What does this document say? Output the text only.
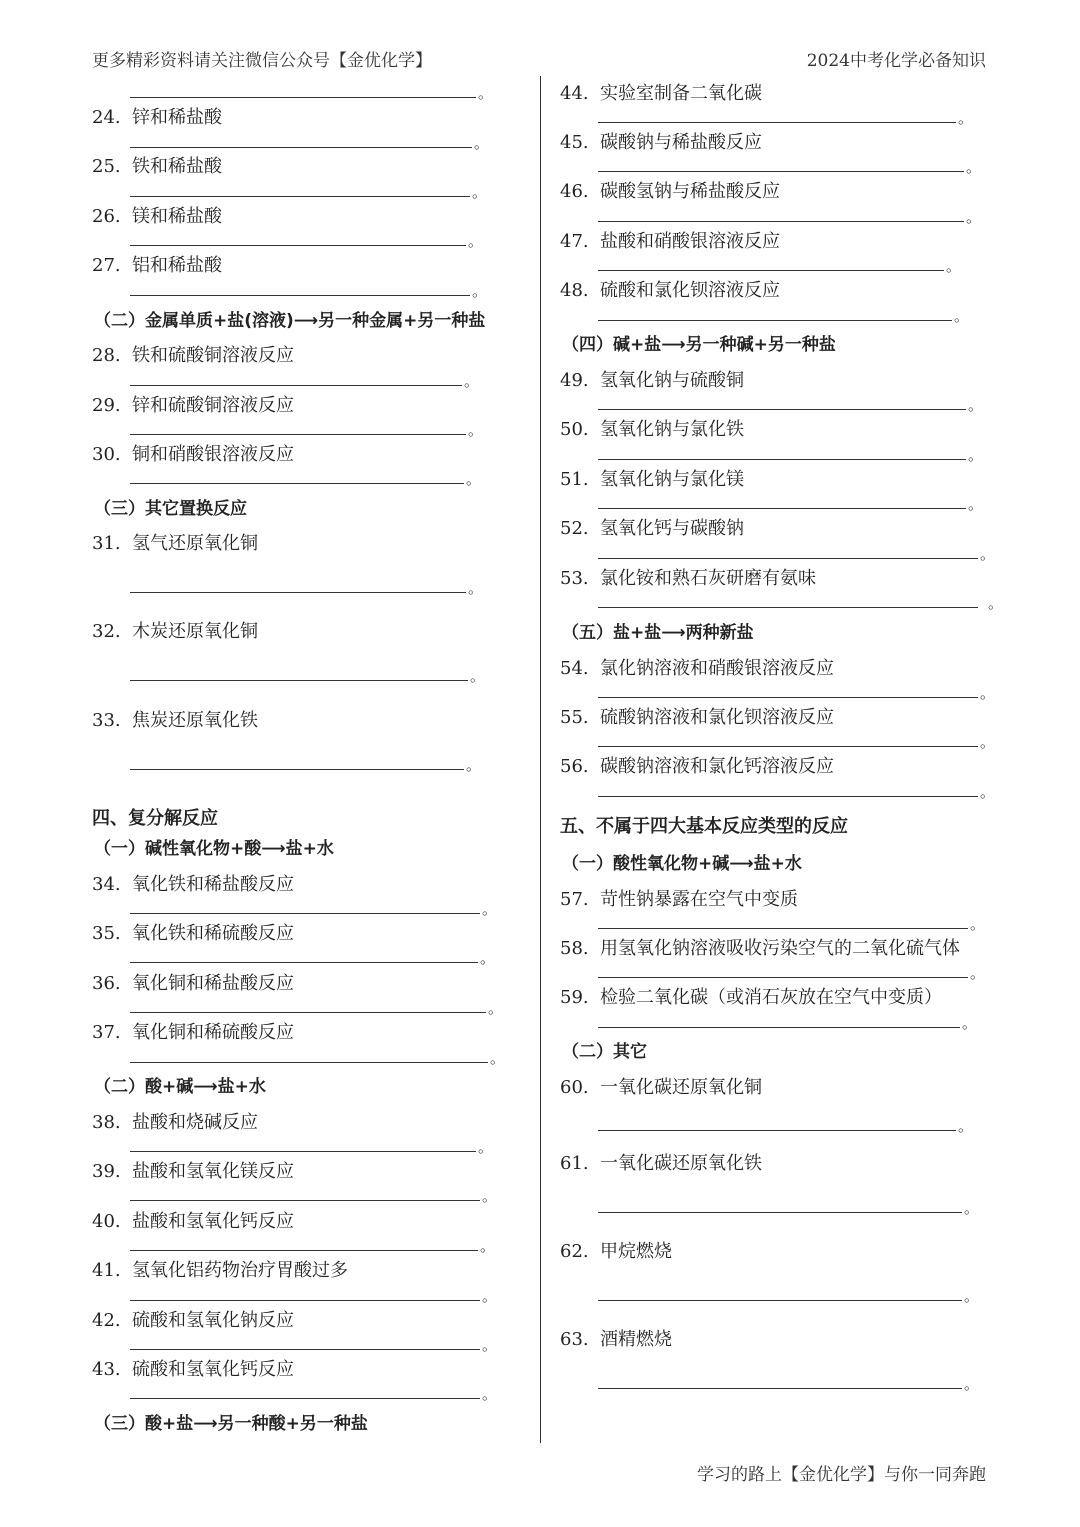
更多精彩资料请关注微信公众号【金优化学】	2024中考化学必备知识
。
24. 锌和稀盐酸
。
25. 铁和稀盐酸
。
26. 镁和稀盐酸
。
27. 铝和稀盐酸
。
（二）金属单质+盐(溶液)⟶另一种金属+另一种盐
28. 铁和硫酸铜溶液反应
。
29. 锌和硫酸铜溶液反应
。
30. 铜和硝酸银溶液反应
。
（三）其它置换反应
31. 氢气还原氧化铜
。
32. 木炭还原氧化铜
。
33. 焦炭还原氧化铁
。
四、复分解反应
（一）碱性氧化物+酸⟶盐+水
34. 氧化铁和稀盐酸反应
。
35. 氧化铁和稀硫酸反应
。
36. 氧化铜和稀盐酸反应
。
37. 氧化铜和稀硫酸反应
。
（二）酸+碱⟶盐+水
38. 盐酸和烧碱反应
。
39. 盐酸和氢氧化镁反应
。
40. 盐酸和氢氧化钙反应
。
41. 氢氧化铝药物治疗胃酸过多
。
42. 硫酸和氢氧化钠反应
。
43. 硫酸和氢氧化钙反应
。
（三）酸+盐⟶另一种酸+另一种盐
44. 实验室制备二氧化碳
。
45. 碳酸钠与稀盐酸反应
。
46. 碳酸氢钠与稀盐酸反应
。
47. 盐酸和硝酸银溶液反应
。
48. 硫酸和氯化钡溶液反应
。
（四）碱+盐⟶另一种碱+另一种盐
49. 氢氧化钠与硫酸铜
。
50. 氢氧化钠与氯化铁
。
51. 氢氧化钠与氯化镁
。
52. 氢氧化钙与碳酸钠
。
53. 氯化铵和熟石灰研磨有氨味
。
（五）盐+盐⟶两种新盐
54. 氯化钠溶液和硝酸银溶液反应
。
55. 硫酸钠溶液和氯化钡溶液反应
。
56. 碳酸钠溶液和氯化钙溶液反应
。
五、不属于四大基本反应类型的反应
（一）酸性氧化物+碱⟶盐+水
57. 苛性钠暴露在空气中变质
。
58. 用氢氧化钠溶液吸收污染空气的二氧化硫气体
。
59. 检验二氧化碳（或消石灰放在空气中变质）
。
（二）其它
60. 一氧化碳还原氧化铜
。
61. 一氧化碳还原氧化铁
。
62. 甲烷燃烧
。
63. 酒精燃烧
。
学习的路上【金优化学】与你一同奔跑
